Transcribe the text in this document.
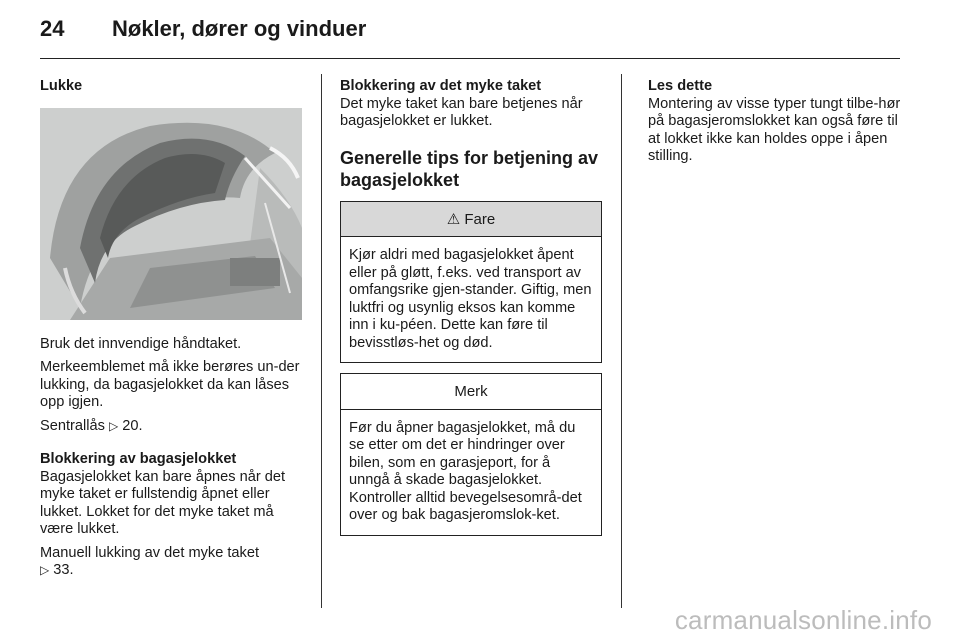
24	Nøkler, dører og vinduer

Lukke

Bruk det innvendige håndtaket.

Merkeemblemet må ikke berøres un-der lukking, da bagasjelokket da kan låses opp igjen.

Sentrallås ▷ 20.

Blokkering av bagasjelokket

Bagasjelokket kan bare åpnes når det myke taket er fullstendig åpnet eller lukket. Lokket for det myke taket må være lukket.

Manuell lukking av det myke taket

▷ 33.

Blokkering av det myke taket

Det myke taket kan bare betjenes når bagasjelokket er lukket.

Generelle tips for betjening av bagasjelokket

⚠ Fare
Kjør aldri med bagasjelokket åpent eller på gløtt, f.eks. ved transport av omfangsrike gjen-stander. Giftig, men luktfri og usynlig eksos kan komme inn i ku-péen. Dette kan føre til bevisstløs-het og død.
Merk
Før du åpner bagasjelokket, må du se etter om det er hindringer over bilen, som en garasjeport, for å unngå å skade bagasjelokket. Kontroller alltid bevegelsesområ-det over og bak bagasjeromslok-ket.

Les dette

Montering av visse typer tungt tilbe-hør på bagasjeromslokket kan også føre til at lokket ikke kan holdes oppe i åpen stilling.

carmanualsonline.info
